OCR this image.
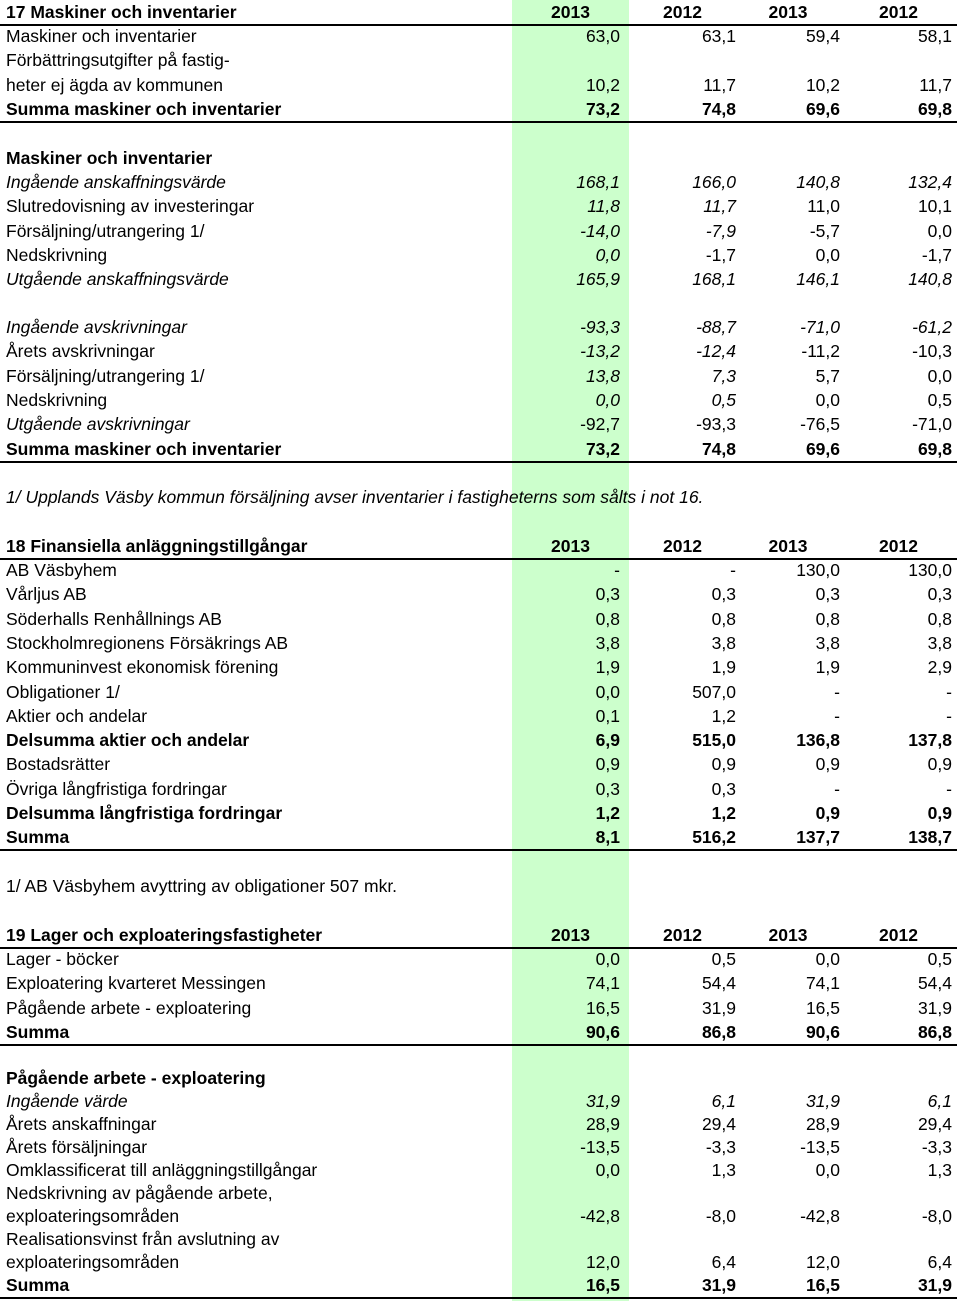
17 Maskiner och inventarier	2013	2012	2013	2012
Maskiner och inventarier	63,0	63,1	59,4	58,1
Förbättringsutgifter på fastig-
heter ej ägda av kommunen	10,2	11,7	10,2	11,7
Summa maskiner och inventarier	73,2	74,8	69,6	69,8
Maskiner och inventarier
Ingående anskaffningsvärde	168,1	166,0	140,8	132,4
Slutredovisning av investeringar	11,8	11,7	11,0	10,1
Försäljning/utrangering 1/	-14,0	-7,9	-5,7	0,0
Nedskrivning	0,0	-1,7	0,0	-1,7
Utgående anskaffningsvärde	165,9	168,1	146,1	140,8
Ingående avskrivningar	-93,3	-88,7	-71,0	-61,2
Årets avskrivningar	-13,2	-12,4	-11,2	-10,3
Försäljning/utrangering 1/	13,8	7,3	5,7	0,0
Nedskrivning	0,0	0,5	0,0	0,5
Utgående avskrivningar	-92,7	-93,3	-76,5	-71,0
Summa maskiner och inventarier	73,2	74,8	69,6	69,8
1/ Upplands Väsby kommun försäljning avser inventarier i fastigheterns som sålts i not 16.
18 Finansiella anläggningstillgångar	2013	2012	2013	2012
AB Väsbyhem	-	-	130,0	130,0
Vårljus AB	0,3	0,3	0,3	0,3
Söderhalls Renhållnings AB	0,8	0,8	0,8	0,8
Stockholmregionens Försäkrings AB	3,8	3,8	3,8	3,8
Kommuninvest ekonomisk förening	1,9	1,9	1,9	2,9
Obligationer 1/	0,0	507,0	-	-
Aktier och andelar	0,1	1,2	-	-
Delsumma aktier och andelar	6,9	515,0	136,8	137,8
Bostadsrätter	0,9	0,9	0,9	0,9
Övriga långfristiga fordringar	0,3	0,3	-	-
Delsumma långfristiga fordringar	1,2	1,2	0,9	0,9
Summa	8,1	516,2	137,7	138,7
1/ AB Väsbyhem avyttring av obligationer 507 mkr.
19 Lager och exploateringsfastigheter	2013	2012	2013	2012
Lager - böcker	0,0	0,5	0,0	0,5
Exploatering kvarteret Messingen	74,1	54,4	74,1	54,4
Pågående arbete - exploatering	16,5	31,9	16,5	31,9
Summa	90,6	86,8	90,6	86,8
Pågående arbete - exploatering
Ingående värde	31,9	6,1	31,9	6,1
Årets anskaffningar	28,9	29,4	28,9	29,4
Årets försäljningar	-13,5	-3,3	-13,5	-3,3
Omklassificerat till anläggningstillgångar	0,0	1,3	0,0	1,3
Nedskrivning av pågående arbete,
exploateringsområden	-42,8	-8,0	-42,8	-8,0
Realisationsvinst från avslutning av
exploateringsområden	12,0	6,4	12,0	6,4
Summa	16,5	31,9	16,5	31,9
